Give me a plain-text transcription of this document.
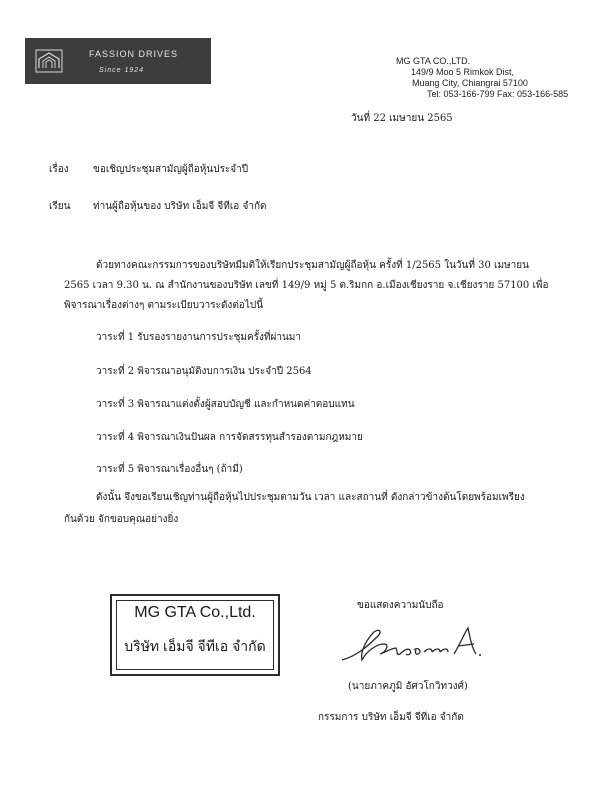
FASSION DRIVES
Since 1924
MG GTA CO.,LTD.
149/9 Moo 5 Rimkok Dist,
Muang City, Chiangrai 57100
Tel: 053-166-799 Fax: 053-166-585
วันที่ 22 เมษายน 2565
เรื่อง ขอเชิญประชุมสามัญผู้ถือหุ้นประจำปี
เรียน ท่านผู้ถือหุ้นของ บริษัท เอ็มจี จีทีเอ จำกัด
ด้วยทางคณะกรรมการของบริษัทมีมติให้เรียกประชุมสามัญผู้ถือหุ้น ครั้งที่ 1/2565 ในวันที่ 30 เมษายน
2565 เวลา 9.30 น. ณ สำนักงานของบริษัท เลขที่ 149/9 หมู่ 5 ต.ริมกก อ.เมืองเชียงราย จ.เชียงราย 57100 เพื่อ
พิจารณาเรื่องต่างๆ ตามระเบียบวาระดังต่อไปนี้
วาระที่ 1 รับรองรายงานการประชุมครั้งที่ผ่านมา
วาระที่ 2 พิจารณาอนุมัติงบการเงิน ประจำปี 2564
วาระที่ 3 พิจารณาแต่งตั้งผู้สอบบัญชี และกำหนดค่าตอบแทน
วาระที่ 4 พิจารณาเงินปันผล การจัดสรรทุนสำรองตามกฎหมาย
วาระที่ 5 พิจารณาเรื่องอื่นๆ (ถ้ามี)
ดังนั้น จึงขอเรียนเชิญท่านผู้ถือหุ้นไปประชุมตามวัน เวลา และสถานที่ ดังกล่าวข้างต้นโดยพร้อมเพรียง
กันด้วย จักขอบคุณอย่างยิ่ง
MG GTA Co.,Ltd.
บริษัท เอ็มจี จีทีเอ จำกัด
ขอแสดงความนับถือ
(นายภาคภูมิ อัศวโกวิทวงศ์)
กรรมการ บริษัท เอ็มจี จีทีเอ จำกัด
